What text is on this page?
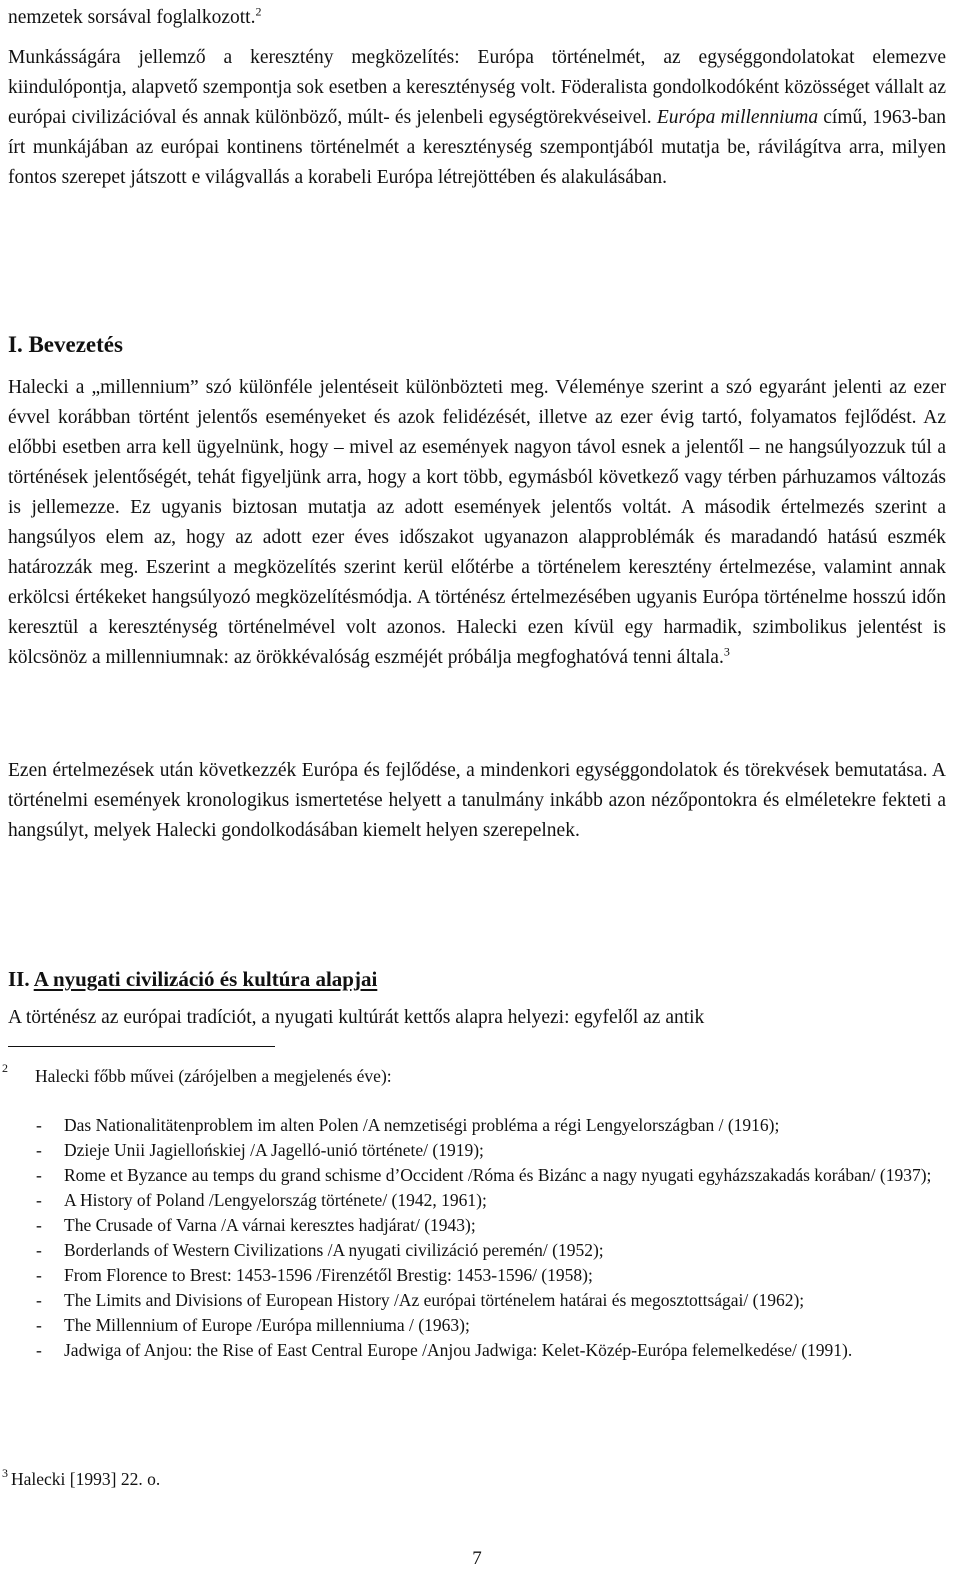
nemzetek sorsával foglalkozott.$^2$

Munkásságára jellemző a keresztény megközelítés: Európa történelmét, az egységgondolatokat elemezve kiindulópontja, alapvető szempontja sok esetben a kereszténység volt. Föderalista gondolkodóként közösséget vállalt az európai civilizációval és annak különböző, múlt- és jelenbeli egységtörekvéseivel. Európa millenniuma című, 1963-ban írt munkájában az európai kontinens történelmét a kereszténység szempontjából mutatja be, rávilágítva arra, milyen fontos szerepet játszott e világvallás a korabeli Európa létrejöttében és alakulásában.

I. Bevezetés

Halecki a „millennium” szó különféle jelentéseit különbözteti meg. Véleménye szerint a szó egyaránt jelenti az ezer évvel korábban történt jelentős eseményeket és azok felidézését, illetve az ezer évig tartó, folyamatos fejlődést. Az előbbi esetben arra kell ügyelnünk, hogy – mivel az események nagyon távol esnek a jelentől – ne hangsúlyozzuk túl a történések jelentőségét, tehát figyeljünk arra, hogy a kort több, egymásból következő vagy térben párhuzamos változás is jellemezze. Ez ugyanis biztosan mutatja az adott események jelentős voltát. A második értelmezés szerint a hangsúlyos elem az, hogy az adott ezer éves időszakot ugyanazon alapproblémák és maradandó hatású eszmék határozzák meg. Eszerint a megközelítés szerint kerül előtérbe a történelem keresztény értelmezése, valamint annak erkölcsi értékeket hangsúlyozó megközelítésmódja. A történész értelmezésében ugyanis Európa történelme hosszú időn keresztül a kereszténység történelmével volt azonos. Halecki ezen kívül egy harmadik, szimbolikus jelentést is kölcsönöz a millenniumnak: az örökkévalóság eszméjét próbálja megfoghatóvá tenni általa.$^3$

Ezen értelmezések után következzék Európa és fejlődése, a mindenkori egységgondolatok és törekvések bemutatása. A történelmi események kronologikus ismertetése helyett a tanulmány inkább azon nézőpontokra és elméletekre fekteti a hangsúlyt, melyek Halecki gondolkodásában kiemelt helyen szerepelnek.

II. A nyugati civilizáció és kultúra alapjai

A történész az európai tradíciót, a nyugati kultúrát kettős alapra helyezi: egyfelől az antik

2	Halecki főbb művei (zárójelben a megjelenés éve):
- Das Nationalitätenproblem im alten Polen /A nemzetiségi probléma a régi Lengyelországban / (1916);
- Dzieje Unii Jagiellońskiej /A Jagelló-unió története/ (1919);
- Rome et Byzance au temps du grand schisme d’Occident /Róma és Bizánc a nagy nyugati egyházszakadás korában/ (1937);
- A History of Poland /Lengyelország története/ (1942, 1961);
- The Crusade of Varna /A várnai keresztes hadjárat/ (1943);
- Borderlands of Western Civilizations /A nyugati civilizáció peremén/ (1952);
- From Florence to Brest: 1453-1596 /Firenzétől Brestig: 1453-1596/ (1958);
- The Limits and Divisions of European History /Az európai történelem határai és megosztottságai/ (1962);
- The Millennium of Europe /Európa millenniuma / (1963);
- Jadwiga of Anjou: the Rise of East Central Europe /Anjou Jadwiga: Kelet-Közép-Európa felemelkedése/ (1991).
$^3$ Halecki [1993] 22. o.
7
